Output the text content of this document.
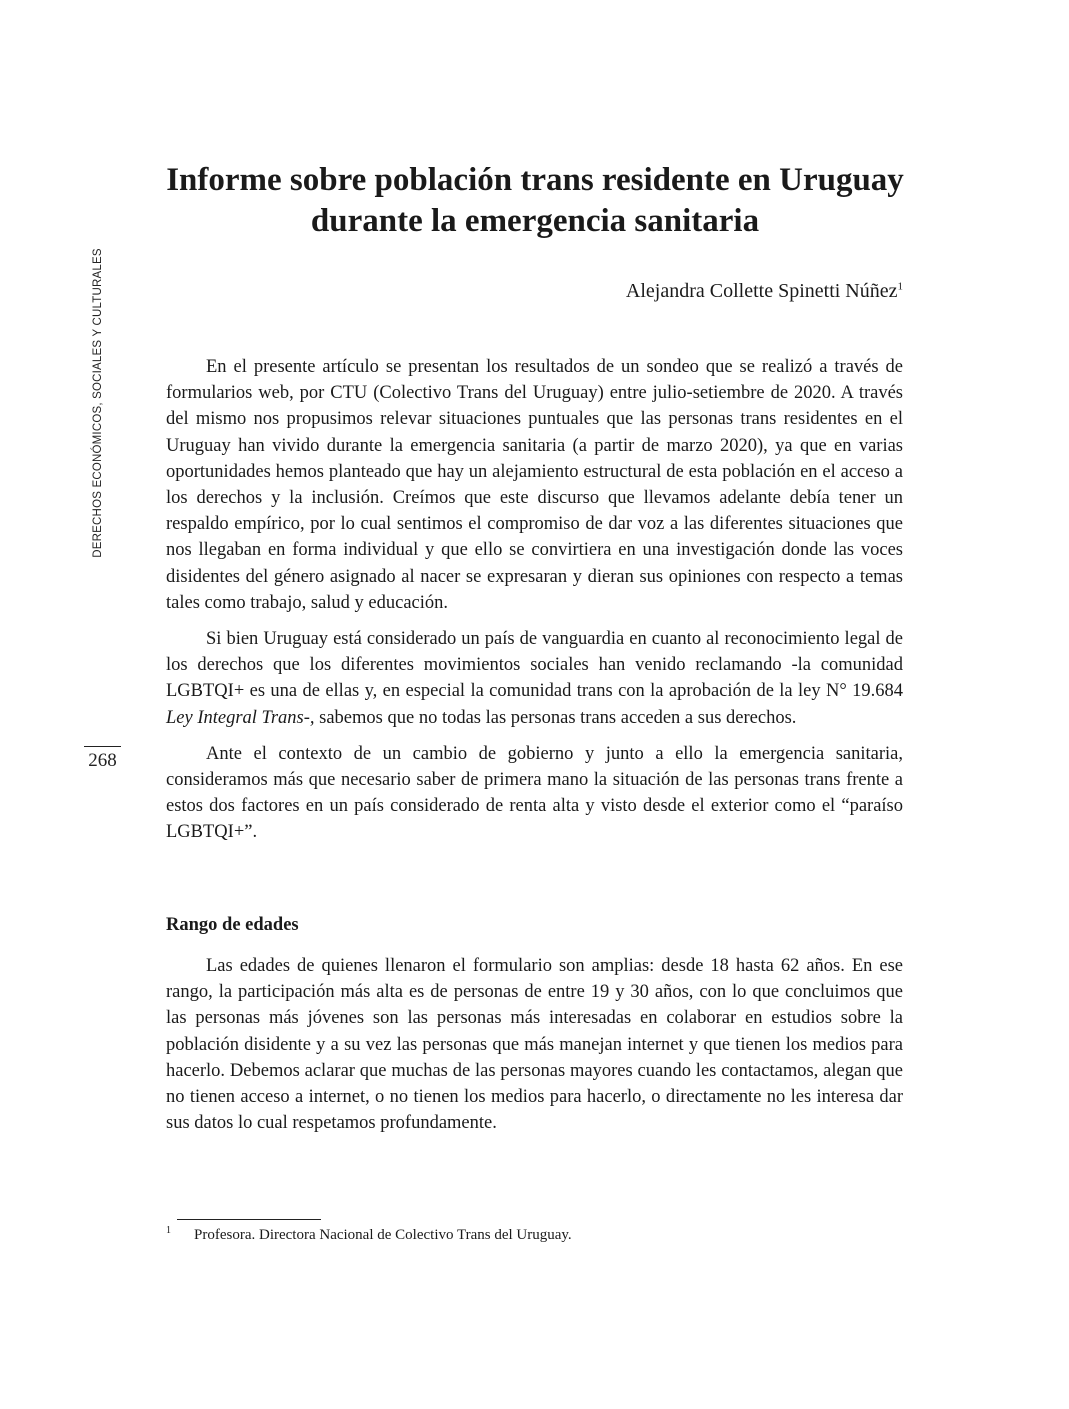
DERECHOS ECONÓMICOS, SOCIALES Y CULTURALES
268
Informe sobre población trans residente en Uruguay
durante la emergencia sanitaria
Alejandra Collette Spinetti Núñez$^1$

En el presente artículo se presentan los resultados de un sondeo que se realizó a través de formularios web, por CTU (Colectivo Trans del Uruguay) entre julio-setiembre de 2020. A través del mismo nos propusimos relevar situaciones puntuales que las personas trans residentes en el Uruguay han vivido durante la emergencia sanitaria (a partir de marzo 2020), ya que en varias oportunidades hemos planteado que hay un alejamiento estructural de esta población en el acceso a los derechos y la inclusión. Creímos que este discurso que llevamos adelante debía tener un respaldo empírico, por lo cual sentimos el compromiso de dar voz a las diferentes situaciones que nos llegaban en forma individual y que ello se convirtiera en una investigación donde las voces disidentes del género asignado al nacer se expresaran y dieran sus opiniones con respecto a temas tales como trabajo, salud y educación.

Si bien Uruguay está considerado un país de vanguardia en cuanto al reconocimiento legal de los derechos que los diferentes movimientos sociales han venido reclamando -la comunidad LGBTQI+ es una de ellas y, en especial la comunidad trans con la aprobación de la ley N° 19.684 Ley Integral Trans-, sabemos que no todas las personas trans acceden a sus derechos.

Ante el contexto de un cambio de gobierno y junto a ello la emergencia sanitaria, consideramos más que necesario saber de primera mano la situación de las personas trans frente a estos dos factores en un país considerado de renta alta y visto desde el exterior como el “paraíso LGBTQI+”.

Rango de edades

Las edades de quienes llenaron el formulario son amplias: desde 18 hasta 62 años. En ese rango, la participación más alta es de personas de entre 19 y 30 años, con lo que concluimos que las personas más jóvenes son las personas más interesadas en colaborar en estudios sobre la población disidente y a su vez las personas que más manejan internet y que tienen los medios para hacerlo. Debemos aclarar que muchas de las personas mayores cuando les contactamos, alegan que no tienen acceso a internet, o no tienen los medios para hacerlo, o directamente no les interesa dar sus datos lo cual respetamos profundamente.

1 Profesora. Directora Nacional de Colectivo Trans del Uruguay.
